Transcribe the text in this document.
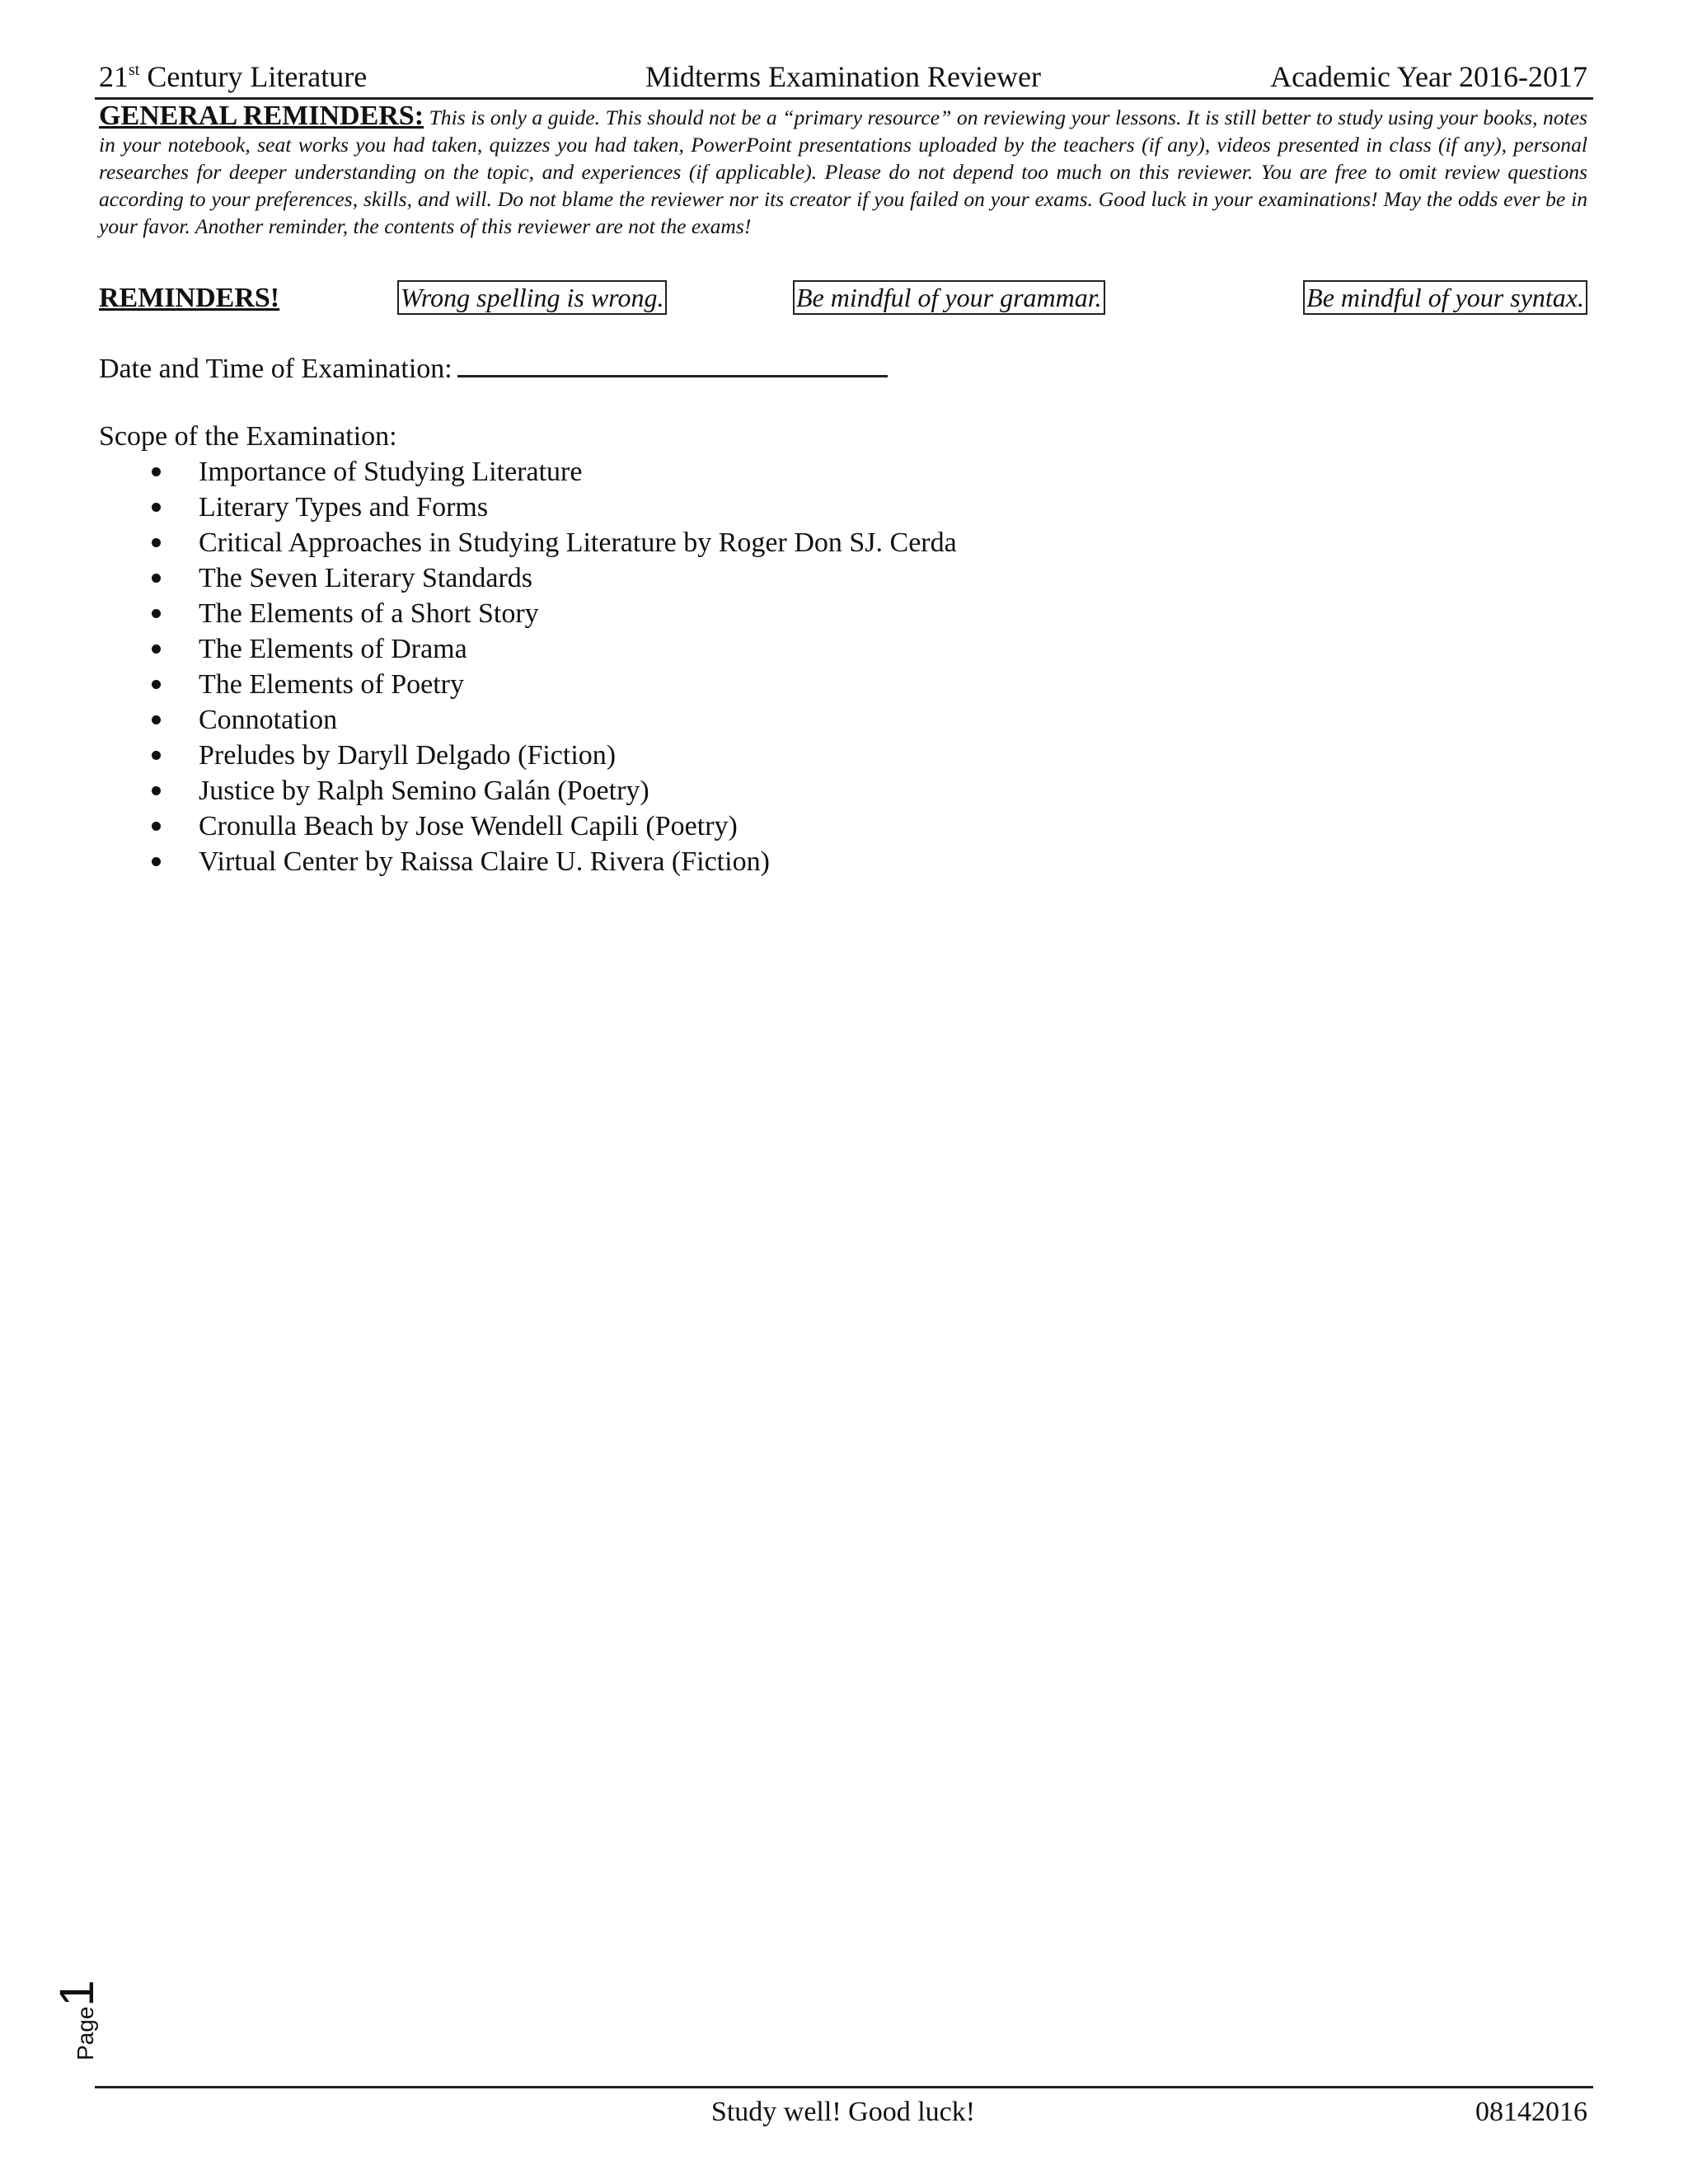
21st Century Literature	Midterms Examination Reviewer	Academic Year 2016-2017
GENERAL REMINDERS: This is only a guide. This should not be a “primary resource” on reviewing your lessons. It is still better to study using your books, notes in your notebook, seat works you had taken, quizzes you had taken, PowerPoint presentations uploaded by the teachers (if any), videos presented in class (if any), personal researches for deeper understanding on the topic, and experiences (if applicable). Please do not depend too much on this reviewer. You are free to omit review questions according to your preferences, skills, and will. Do not blame the reviewer nor its creator if you failed on your exams. Good luck in your examinations! May the odds ever be in your favor. Another reminder, the contents of this reviewer are not the exams!
REMINDERS!	Wrong spelling is wrong.	Be mindful of your grammar.	Be mindful of your syntax.
Date and Time of Examination:
Scope of the Examination:
Importance of Studying Literature
Literary Types and Forms
Critical Approaches in Studying Literature by Roger Don SJ. Cerda
The Seven Literary Standards
The Elements of a Short Story
The Elements of Drama
The Elements of Poetry
Connotation
Preludes by Daryll Delgado (Fiction)
Justice by Ralph Semino Galán (Poetry)
Cronulla Beach by Jose Wendell Capili (Poetry)
Virtual Center by Raissa Claire U. Rivera (Fiction)
Page1
Study well! Good luck!	08142016
